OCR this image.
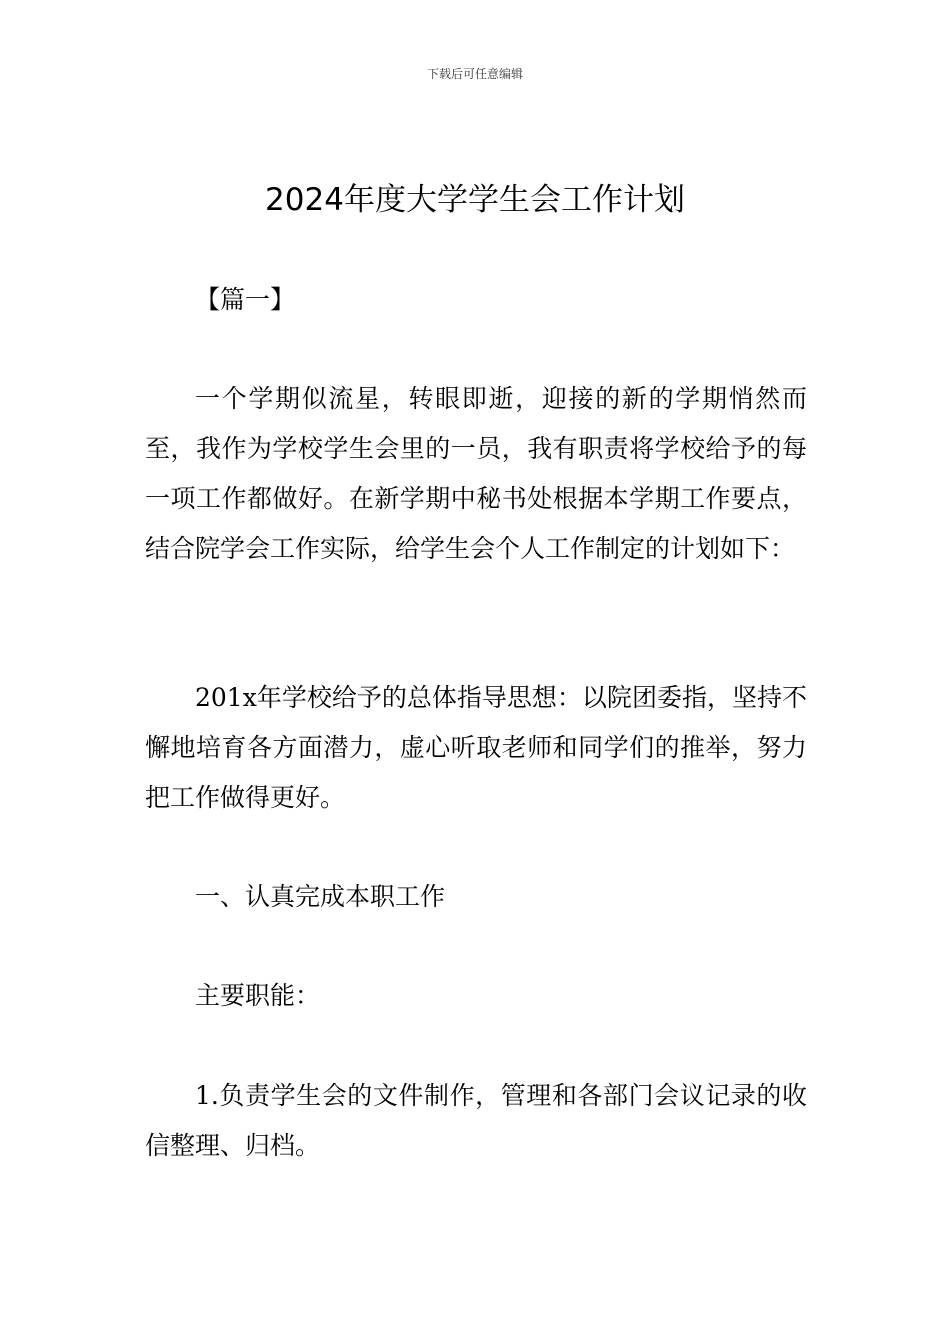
下载后可任意编辑
2024年度大学学生会工作计划

【篇一】

一个学期似流星，转眼即逝，迎接的新的学期悄然而至，我作为学校学生会里的一员，我有职责将学校给予的每一项工作都做好。在新学期中秘书处根据本学期工作要点，结合院学会工作实际，给学生会个人工作制定的计划如下：

201x年学校给予的总体指导思想：以院团委指，坚持不懈地培育各方面潜力，虚心听取老师和同学们的推举，努力把工作做得更好。

一、认真完成本职工作

主要职能：

1.负责学生会的文件制作，管理和各部门会议记录的收信整理、归档。
